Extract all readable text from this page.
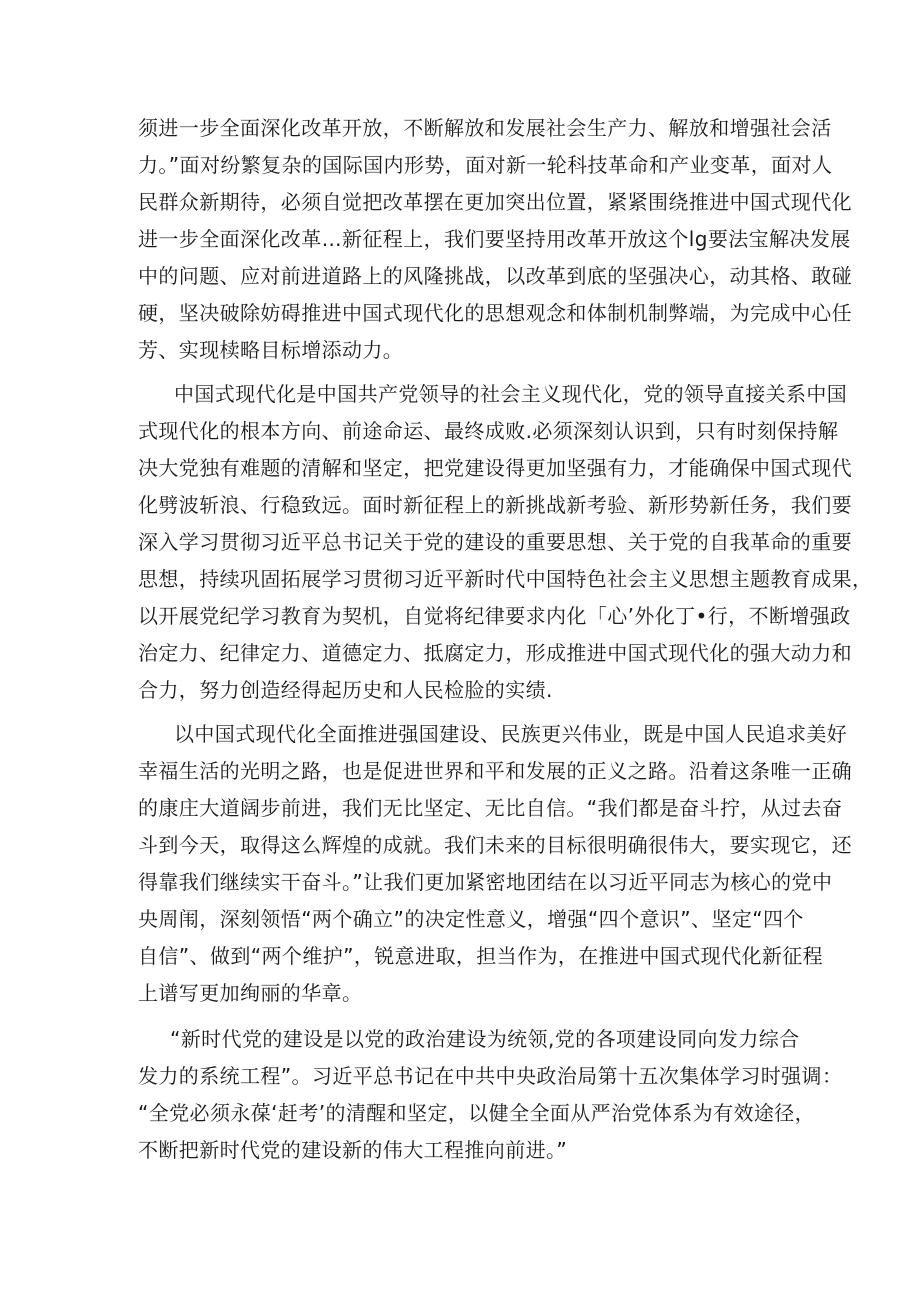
须进一步全面深化改革开放，不断解放和发展社会生产力、解放和增强社会活
力。”面对纷繁复杂的国际国内形势，面对新一轮科技革命和产业变革，面对人
民群众新期待，必须自觉把改革摆在更加突出位置，紧紧围绕推进中国式现代化
进一步全面深化改革…新征程上，我们要坚持用改革开放这个lg要法宝解决发展
中的问题、应对前进道路上的风隆挑战，以改革到底的坚强决心，动其格、敢碰
硬，坚决破除妨碍推进中国式现代化的思想观念和体制机制弊端，为完成中心任
芳、实现椟略目标增添动力。
中国式现代化是中国共产党领导的社会主义现代化，党的领导直接关系中国
式现代化的根本方向、前途命运、最终成败.必须深刻认识到，只有时刻保持解
决大党独有难题的清解和坚定，把党建设得更加坚强有力，才能确保中国式现代
化劈波斩浪、行稳致远。面时新征程上的新挑战新考验、新形势新任务，我们要
深入学习贯彻习近平总书记关于党的建设的重要思想、关于党的自我革命的重要
思想，持续巩固拓展学习贯彻习近平新时代中国特色社会主义思想主题教育成果，
以开展党纪学习教育为契机，自觉将纪律要求内化「心’外化丁•行，不断增强政
治定力、纪律定力、道德定力、抵腐定力，形成推进中国式现代化的强大动力和
合力，努力创造经得起历史和人民检脸的实绩.
以中国式现代化全面推进强国建设、民族更兴伟业，既是中国人民追求美好
幸福生活的光明之路，也是促进世界和平和发展的正义之路。沿着这条唯一正确
的康庄大道阔步前进，我们无比坚定、无比自信。“我们都是奋斗拧，从过去奋
斗到今天，取得这么辉煌的成就。我们未来的目标很明确很伟大，要实现它，还
得靠我们继续实干奋斗。”让我们更加紧密地团结在以习近平同志为核心的党中
央周闱，深刻领悟“两个确立”的决定性意义，增强“四个意识”、坚定“四个
自信”、做到“两个维护”，锐意进取，担当作为，在推进中国式现代化新征程
上谱写更加绚丽的华章。
“新时代党的建设是以党的政治建设为统领,党的各项建设同向发力综合
发力的系统工程”。习近平总书记在中共中央政治局第十五次集体学习时强调：
“全党必须永葆‘赶考’的清醒和坚定，以健全全面从严治党体系为有效途径，
不断把新时代党的建设新的伟大工程推向前进。”
